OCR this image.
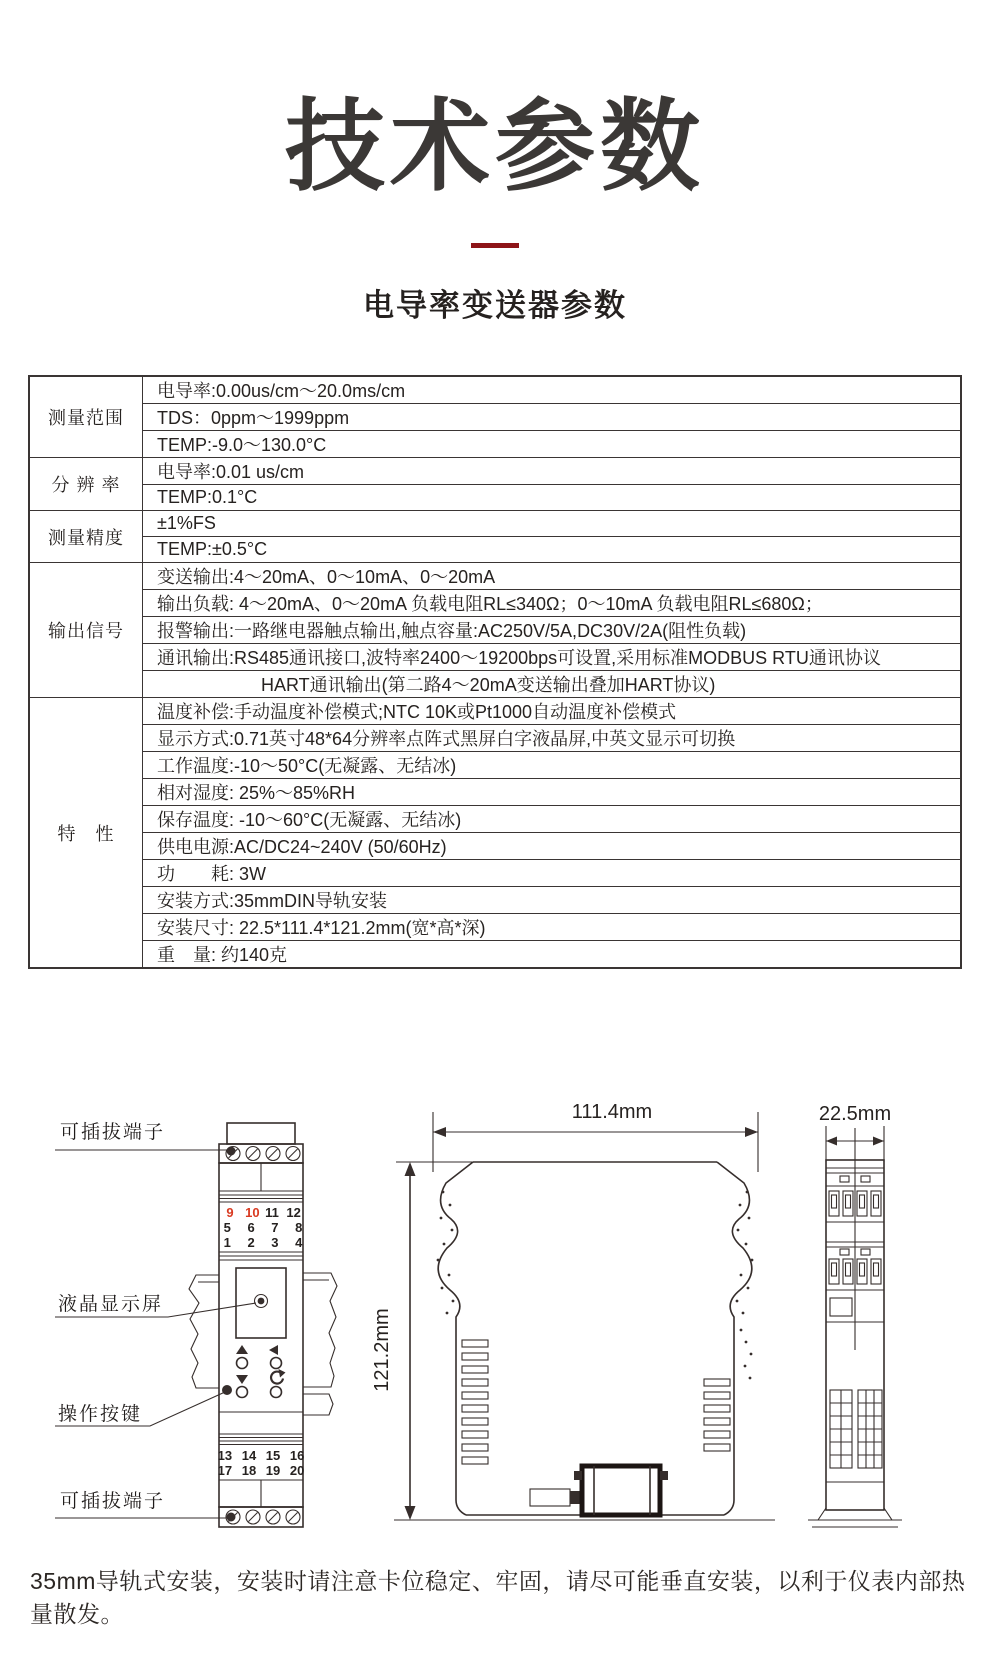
技术参数
电导率变送器参数
测量范围	电导率:0.00us/cm～20.0ms/cm
	TDS：0ppm～1999ppm
	TEMP:-9.0～130.0°C
分 辨 率	电导率:0.01 us/cm
	TEMP:0.1°C
测量精度	±1%FS
	TEMP:±0.5°C
输出信号	变送输出:4～20mA、0～10mA、0～20mA
	输出负载: 4～20mA、0～20mA 负载电阻RL≤340Ω；0～10mA 负载电阻RL≤680Ω；
	报警输出:一路继电器触点输出,触点容量:AC250V/5A,DC30V/2A(阻性负载)
	通讯输出:RS485通讯接口,波特率2400～19200bps可设置,采用标准MODBUS RTU通讯协议
	HART通讯输出(第二路4～20mA变送输出叠加HART协议)
特　性	温度补偿:手动温度补偿模式;NTC 10K或Pt1000自动温度补偿模式
	显示方式:0.71英寸48*64分辨率点阵式黑屏白字液晶屏,中英文显示可切换
	工作温度:-10～50°C(无凝露、无结冰)
	相对湿度: 25%～85%RH
	保存温度: -10～60°C(无凝露、无结冰)
	供电电源:AC/DC24~240V (50/60Hz)
	功　　耗: 3W
	安装方式:35mmDIN导轨安装
	安装尺寸: 22.5*111.4*121.2mm(宽*高*深)
	重　量: 约140克
9 10 11 12
5 6 7 8
1 2 3 4
13 14 15 16
17 18 19 20
可插拔端子
液晶显示屏
操作按键
可插拔端子
111.4mm
121.2mm
22.5mm
35mm导轨式安装，安装时请注意卡位稳定、牢固，请尽可能垂直安装，以利于仪表内部热量散发。
